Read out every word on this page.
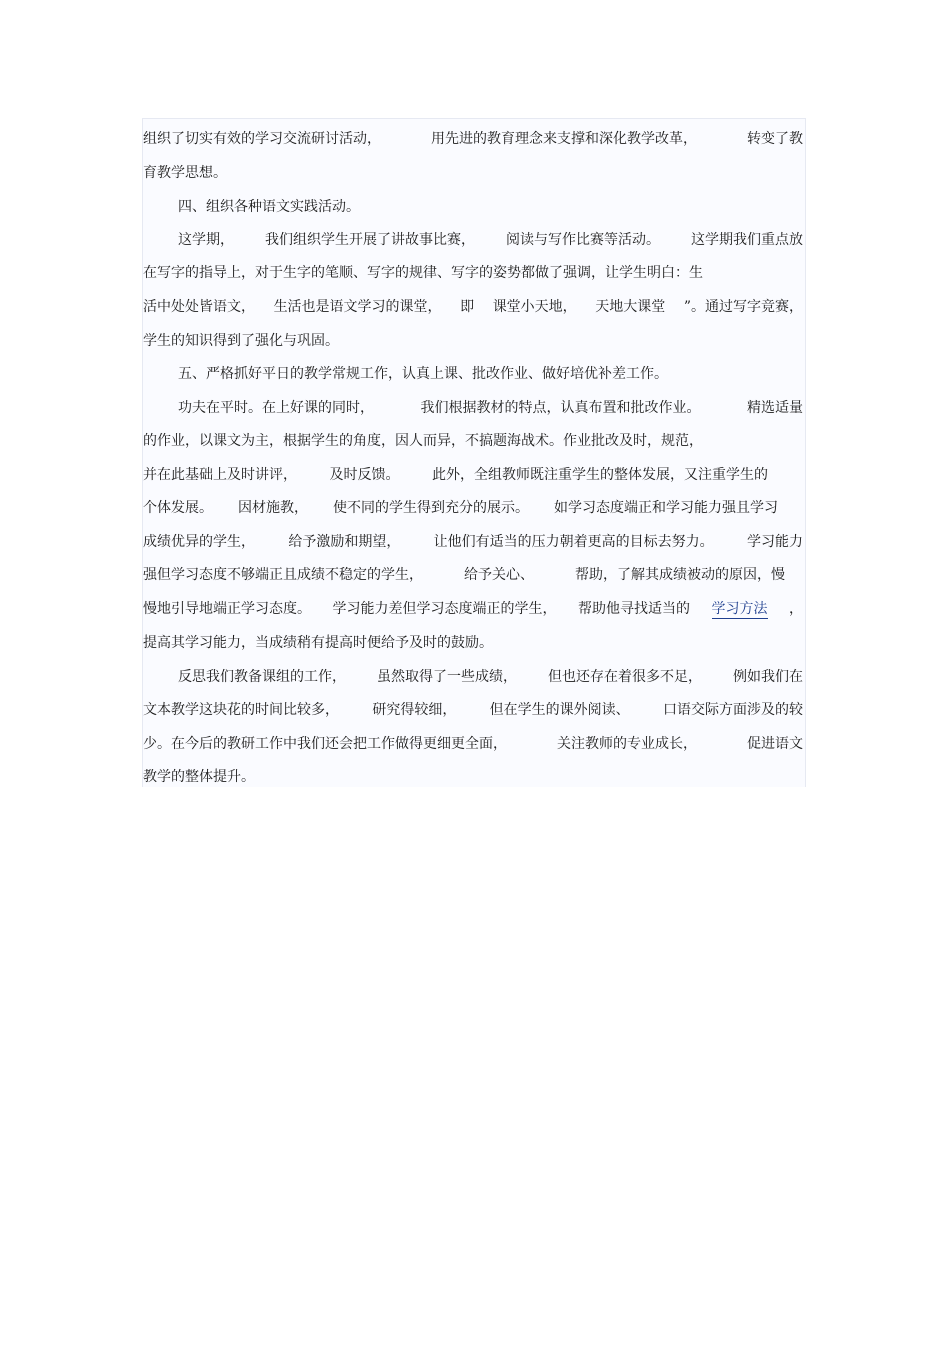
组织了切实有效的学习交流研讨活动，	用先进的教育理念来支撑和深化教学改革，	转变了教
育教学思想。
四、组织各种语文实践活动。
这学期， 我们组织学生开展了讲故事比赛， 阅读与写作比赛等活动。 这学期我们重点放
在写字的指导上，对于生字的笔顺、写字的规律、写字的姿势都做了强调，让学生明白：生
活中处处皆语文， 生活也是语文学习的课堂， 即 课堂小天地， 天地大课堂 ”。通过写字竞赛，
学生的知识得到了强化与巩固。
五、严格抓好平日的教学常规工作，认真上课、批改作业、做好培优补差工作。
功夫在平时。在上好课的同时，	我们根据教材的特点，认真布置和批改作业。	精选适量
的作业，以课文为主，根据学生的角度，因人而异，不搞题海战术。作业批改及时，规范，
并在此基础上及时讲评， 及时反馈。 此外，全组教师既注重学生的整体发展，又注重学生的
个体发展。 因材施教， 使不同的学生得到充分的展示。 如学习态度端正和学习能力强且学习
成绩优异的学生， 给予激励和期望， 让他们有适当的压力朝着更高的目标去努力。 学习能力
强但学习态度不够端正且成绩不稳定的学生，	给予关心、	帮助，了解其成绩被动的原因，慢
慢地引导地端正学习态度。 学习能力差但学习态度端正的学生， 帮助他寻找适当的 学习方法 ，
提高其学习能力，当成绩稍有提高时便给予及时的鼓励。
反思我们教备课组的工作， 虽然取得了一些成绩， 但也还存在着很多不足， 例如我们在
文本教学这块花的时间比较多， 研究得较细， 但在学生的课外阅读、 口语交际方面涉及的较
少。在今后的教研工作中我们还会把工作做得更细更全面，	关注教师的专业成长，	促进语文
教学的整体提升。
